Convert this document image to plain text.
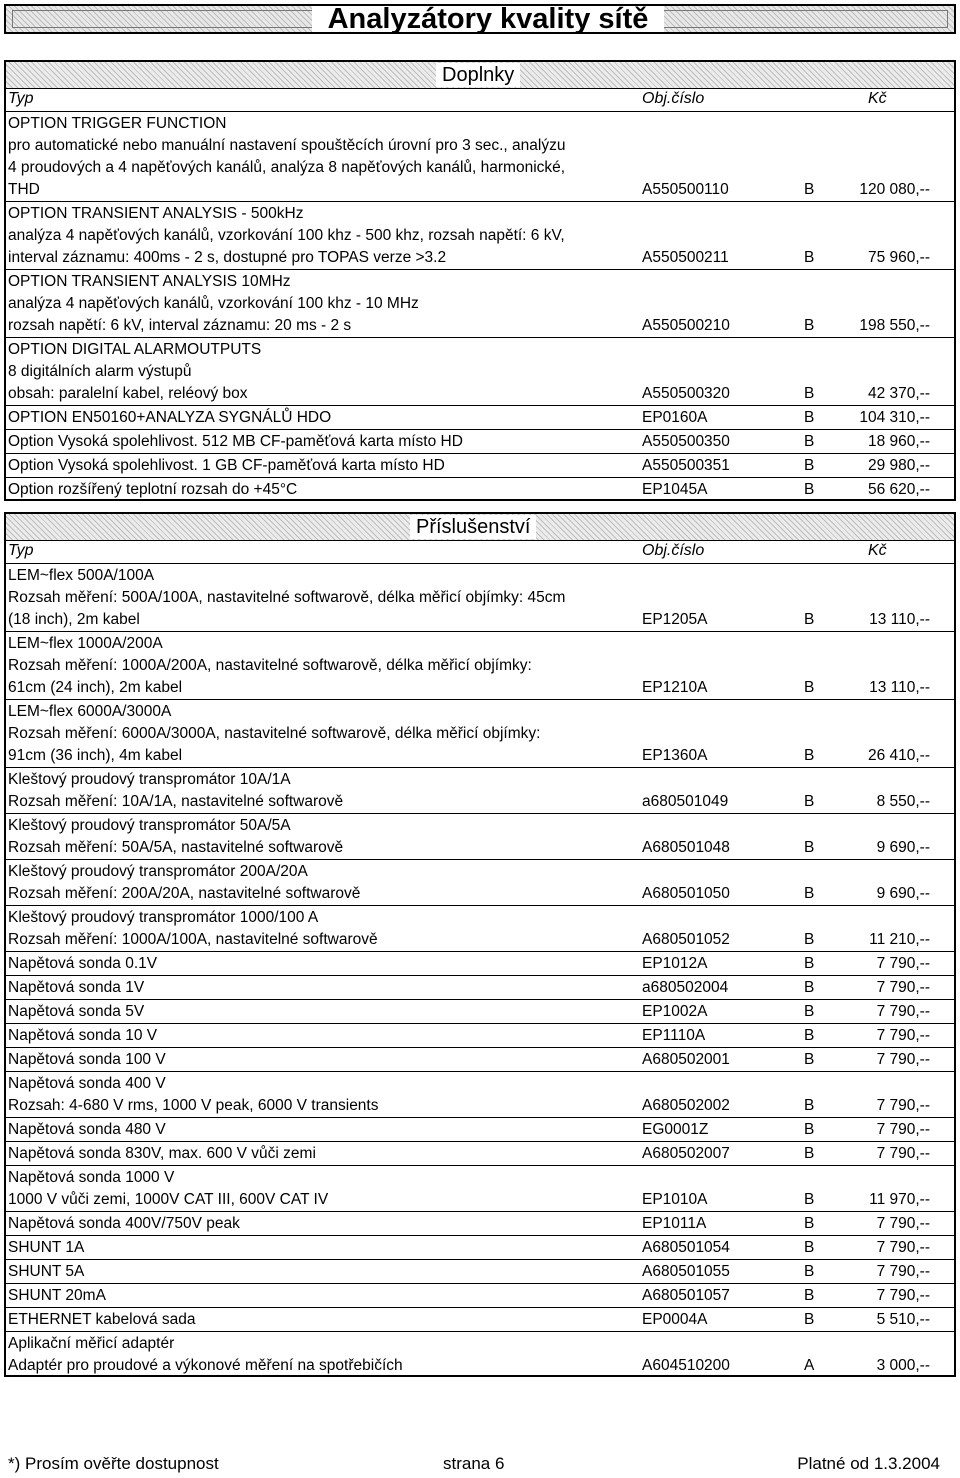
Analyzátory kvality sítě
Doplnky
Typ	Obj.číslo	Kč
OPTION TRIGGER FUNCTION
pro automatické nebo manuální nastavení spouštěcích úrovní pro 3 sec., analýzu
4 proudových a 4 napěťových kanálů, analýza 8 napěťových kanálů, harmonické,
THD	A550500110	B	120 080,--
OPTION TRANSIENT ANALYSIS - 500kHz
analýza 4 napěťových kanálů, vzorkování 100 khz - 500 khz, rozsah napětí: 6 kV,
interval záznamu: 400ms - 2 s, dostupné pro TOPAS verze >3.2	A550500211	B	75 960,--
OPTION TRANSIENT ANALYSIS 10MHz
analýza 4 napěťových kanálů, vzorkování 100 khz - 10 MHz
rozsah napětí: 6 kV, interval záznamu: 20 ms - 2 s	A550500210	B	198 550,--
OPTION DIGITAL ALARMOUTPUTS
8 digitálních alarm výstupů
obsah: paralelní kabel, reléový box	A550500320	B	42 370,--
OPTION EN50160+ANALYZA SYGNÁLŮ HDO	EP0160A	B	104 310,--
Option Vysoká spolehlivost. 512 MB CF-paměťová karta místo HD	A550500350	B	18 960,--
Option Vysoká spolehlivost. 1 GB CF-paměťová karta místo HD	A550500351	B	29 980,--
Option rozšířený teplotní rozsah do +45°C	EP1045A	B	56 620,--
Příslušenství
Typ	Obj.číslo	Kč
LEM~flex 500A/100A
Rozsah měření: 500A/100A, nastavitelné softwarově, délka měřicí objímky: 45cm
(18 inch), 2m kabel	EP1205A	B	13 110,--
LEM~flex 1000A/200A
Rozsah měření: 1000A/200A, nastavitelné softwarově, délka měřicí objímky:
61cm (24 inch), 2m kabel	EP1210A	B	13 110,--
LEM~flex 6000A/3000A
Rozsah měření: 6000A/3000A, nastavitelné softwarově, délka měřicí objímky:
91cm (36 inch), 4m kabel	EP1360A	B	26 410,--
Kleštový proudový transpromátor 10A/1A
Rozsah měření: 10A/1A, nastavitelné softwarově	a680501049	B	8 550,--
Kleštový proudový transpromátor 50A/5A
Rozsah měření: 50A/5A, nastavitelné softwarově	A680501048	B	9 690,--
Kleštový proudový transpromátor 200A/20A
Rozsah měření: 200A/20A, nastavitelné softwarově	A680501050	B	9 690,--
Kleštový proudový transpromátor 1000/100 A
Rozsah měření: 1000A/100A, nastavitelné softwarově	A680501052	B	11 210,--
Napětová sonda 0.1V	EP1012A	B	7 790,--
Napětová sonda 1V	a680502004	B	7 790,--
Napětová sonda 5V	EP1002A	B	7 790,--
Napětová sonda 10 V	EP1110A	B	7 790,--
Napětová sonda 100 V	A680502001	B	7 790,--
Napětová sonda 400 V
Rozsah: 4-680 V rms, 1000 V peak, 6000 V transients	A680502002	B	7 790,--
Napětová sonda 480 V	EG0001Z	B	7 790,--
Napětová sonda 830V, max. 600 V vůči zemi	A680502007	B	7 790,--
Napětová sonda 1000 V
1000 V vůči zemi, 1000V CAT III, 600V CAT IV	EP1010A	B	11 970,--
Napětová sonda 400V/750V peak	EP1011A	B	7 790,--
SHUNT 1A	A680501054	B	7 790,--
SHUNT 5A	A680501055	B	7 790,--
SHUNT 20mA	A680501057	B	7 790,--
ETHERNET kabelová sada	EP0004A	B	5 510,--
Aplikační měřicí adaptér
Adaptér pro proudové a výkonové měření na spotřebičích	A604510200	A	3 000,--
*) Prosím ověřte dostupnost	strana 6	Platné od 1.3.2004
